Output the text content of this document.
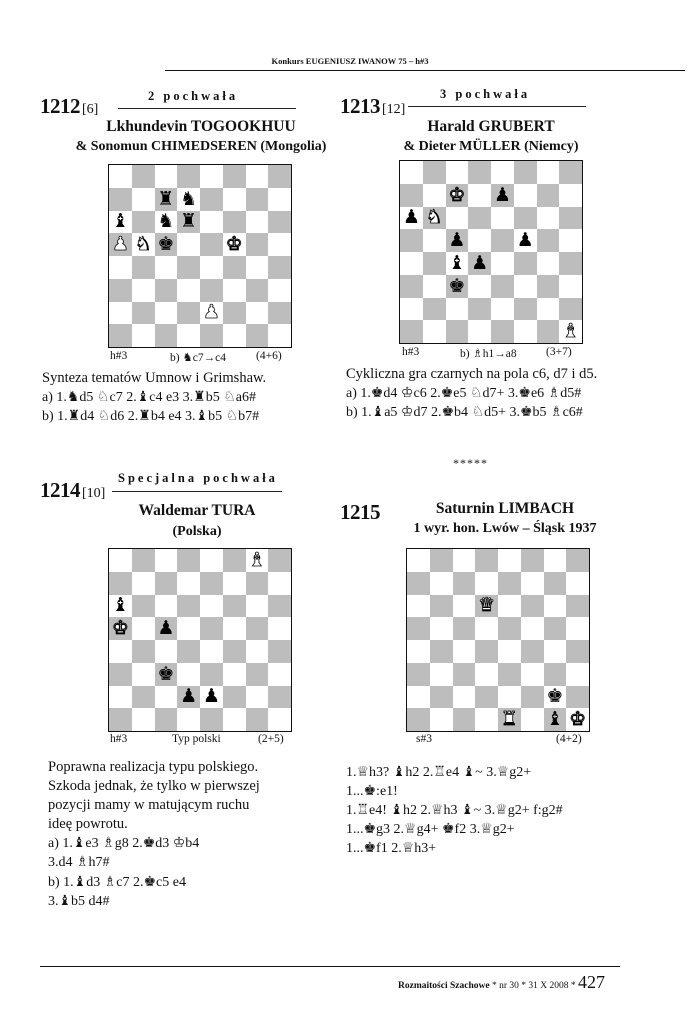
Konkurs EUGENIUSZ IWANOW 75 – h#3
1212 [6]
2 pochwała
Lkhundevin TOGOOKHUU
& Sonomun CHIMEDSEREN (Mongolia)
♜ ♞
♝ ♞ ♜
♟ ♞ ♚	♚
♟
h#3	b) ♞c7→c4	(4+6)
Synteza tematów Umnow i Grimshaw.
a) 1.♞d5 ♘c7 2.♝c4 e3 3.♜b5 ♘a6#
b) 1.♜d4 ♘d6 2.♜b4 e4 3.♝b5 ♘b7#
1213 [12]
3 pochwała
Harald GRUBERT
& Dieter MÜLLER (Niemcy)
♚ ♟
♟ ♞
♟	♟
♝ ♟
♚
♝
h#3	b) ♗h1→a8	(3+7)
Cykliczna gra czarnych na pola c6, d7 i d5.
a) 1.♚d4 ♔c6 2.♚e5 ♘d7+ 3.♚e6 ♗d5#
b) 1.♝a5 ♔d7 2.♚b4 ♘d5+ 3.♚b5 ♗c6#
*****
1214 [10]
Specjalna pochwała
Waldemar TURA
(Polska)
♝
♝
♚ ♟
♚
♟ ♟
h#3	Typ polski	(2+5)
Poprawna realizacja typu polskiego.
Szkoda jednak, że tylko w pierwszej
pozycji mamy w matującym ruchu
ideę powrotu.
a) 1.♝e3 ♗g8 2.♚d3 ♔b4
3.d4 ♗h7#
b) 1.♝d3 ♗c7 2.♚c5 e4
3.♝b5 d4#
1215	Saturnin LIMBACH
1 wyr. hon. Lwów – Śląsk 1937
♛
♚
♜ ♝ ♚
s#3	(4+2)
1.♕h3? ♝h2 2.♖e4 ♝~ 3.♕g2+
1...♚:e1!
1.♖e4! ♝h2 2.♕h3 ♝~ 3.♕g2+ f:g2#
1...♚g3 2.♕g4+ ♚f2 3.♕g2+
1...♚f1 2.♕h3+
Rozmaitości Szachowe * nr 30 * 31 X 2008 * 427
